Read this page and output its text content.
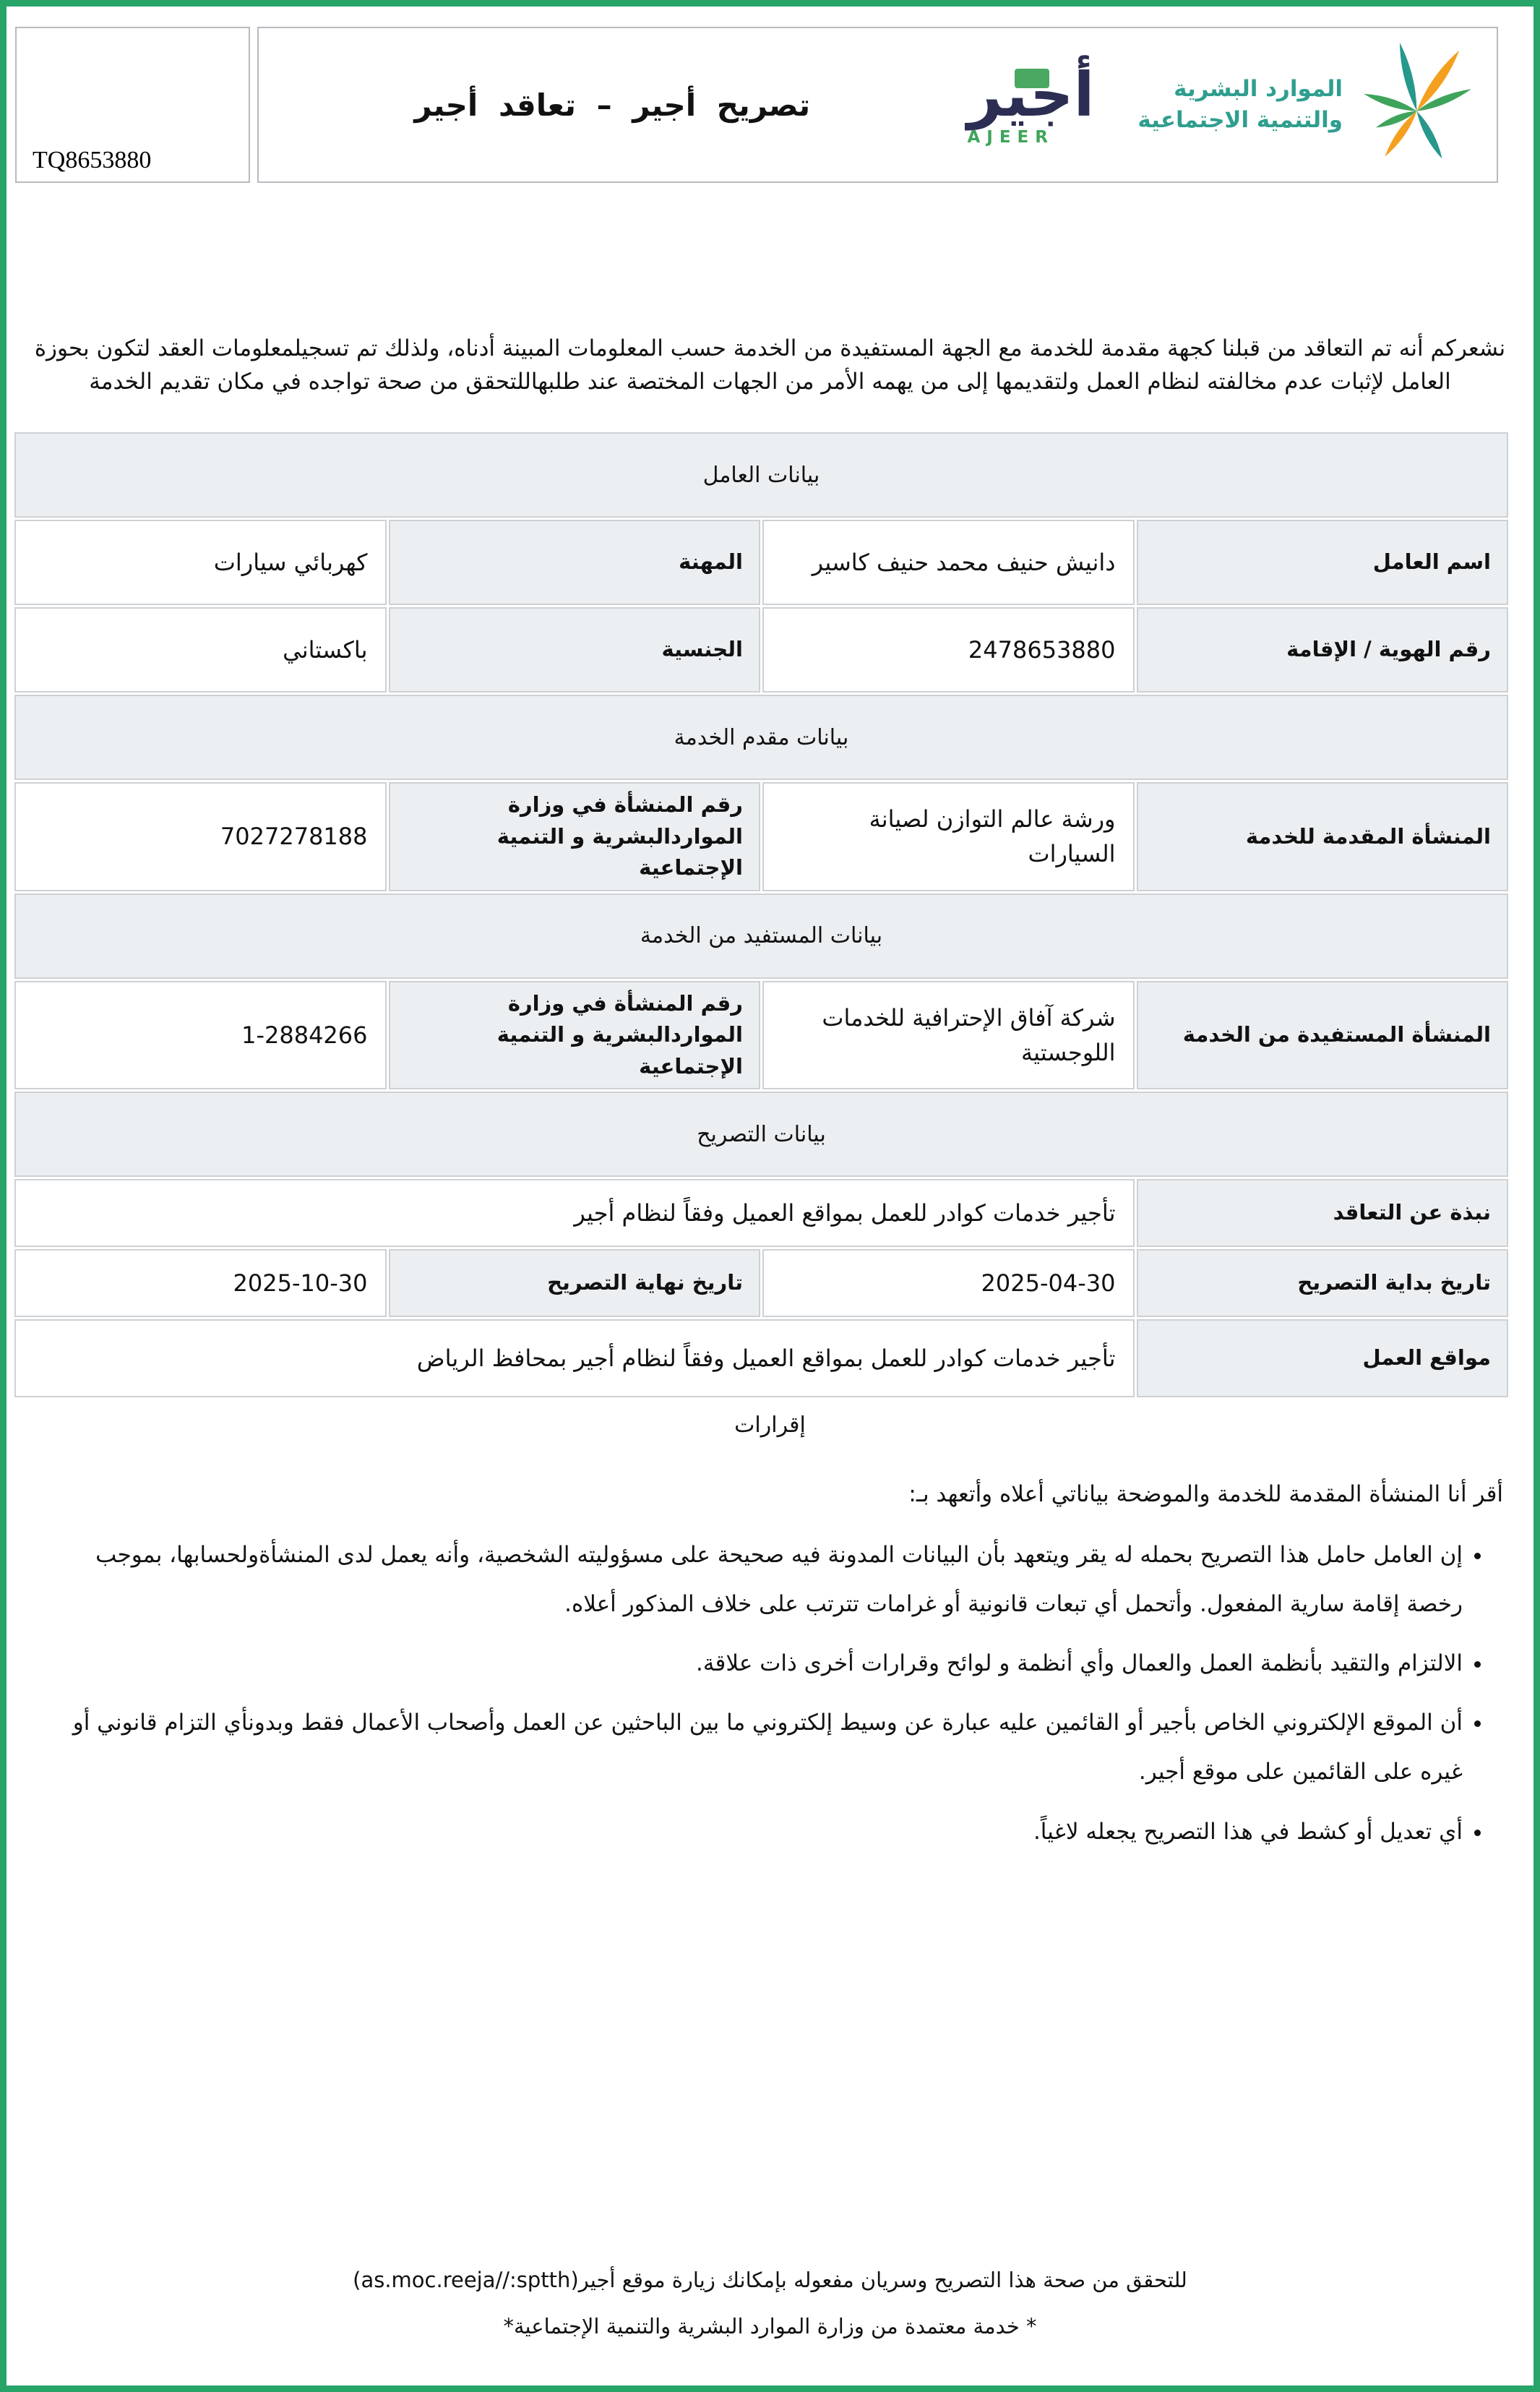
الموارد البشرية
والتنمية الاجتماعية
أجير
AJEER
تصريح أجير – تعاقد أجير
TQ8653880

نشعركم أنه تم التعاقد من قبلنا كجهة مقدمة للخدمة مع الجهة المستفيدة من الخدمة حسب المعلومات المبينة أدناه، ولذلك تم تسجيلمعلومات العقد لتكون بحوزة العامل لإثبات عدم مخالفته لنظام العمل ولتقديمها إلى من يهمه الأمر من الجهات المختصة عند طلبهاللتحقق من صحة تواجده في مكان تقديم الخدمة

بيانات العامل			
اسم العامل	دانيش حنيف محمد حنيف كاسير	المهنة	كهربائي سيارات
رقم الهوية / الإقامة	2478653880	الجنسية	باكستاني
بيانات مقدم الخدمة			
المنشأة المقدمة للخدمة	ورشة عالم التوازن لصيانة السيارات	رقم المنشأة في وزارة المواردالبشرية و التنمية الإجتماعية	7027278188
بيانات المستفيد من الخدمة			
المنشأة المستفيدة من الخدمة	شركة آفاق الإحترافية للخدمات اللوجستية	رقم المنشأة في وزارة المواردالبشرية و التنمية الإجتماعية	1-2884266
بيانات التصريح			
نبذة عن التعاقد	تأجير خدمات كوادر للعمل بمواقع العميل وفقاً لنظام أجير		
تاريخ بداية التصريح	2025-04-30	تاريخ نهاية التصريح	2025-10-30
مواقع العمل	تأجير خدمات كوادر للعمل بمواقع العميل وفقاً لنظام أجير بمحافظ الرياض		
إقرارات

أقر أنا المنشأة المقدمة للخدمة والموضحة بياناتي أعلاه وأتعهد بـ:

• إن العامل حامل هذا التصريح بحمله له يقر ويتعهد بأن البيانات المدونة فيه صحيحة على مسؤوليته الشخصية، وأنه يعمل لدى المنشأةولحسابها، بموجب رخصة إقامة سارية المفعول. وأتحمل أي تبعات قانونية أو غرامات تترتب على خلاف المذكور أعلاه.
• الالتزام والتقيد بأنظمة العمل والعمال وأي أنظمة و لوائح وقرارات أخرى ذات علاقة.
• أن الموقع الإلكتروني الخاص بأجير أو القائمين عليه عبارة عن وسيط إلكتروني ما بين الباحثين عن العمل وأصحاب الأعمال فقط وبدونأي التزام قانوني أو غيره على القائمين على موقع أجير.
• أي تعديل أو كشط في هذا التصريح يجعله لاغياً.
للتحقق من صحة هذا التصريح وسريان مفعوله بإمكانك زيارة موقع أجير(as.moc.reeja//:sptth)
* خدمة معتمدة من وزارة الموارد البشرية والتنمية الإجتماعية*
